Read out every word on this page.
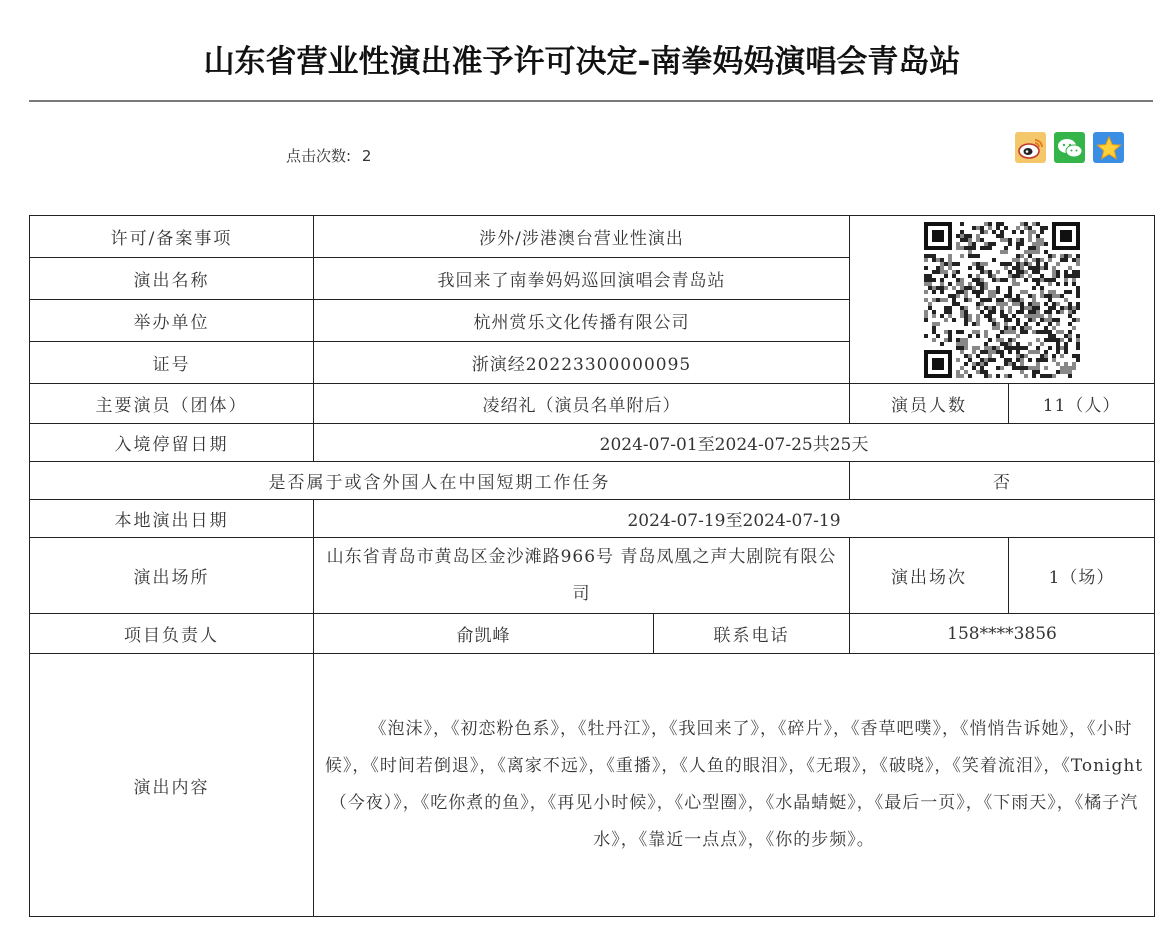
山东省营业性演出准予许可决定-南拳妈妈演唱会青岛站
点击次数: 2
许可/备案事项	涉外/涉港澳台营业性演出	

演出名称	我回来了南拳妈妈巡回演唱会青岛站			
举办单位	杭州赏乐文化传播有限公司			
证号	浙演经20223300000095			
主要演员（团体）	凌绍礼（演员名单附后）		演员人数	11（人）
入境停留日期	2024-07-01至2024-07-25共25天			
是否属于或含外国人在中国短期工作任务			否	
本地演出日期	2024-07-19至2024-07-19			
演出场所	山东省青岛市黄岛区金沙滩路966号 青岛凤凰之声大剧院有限公司		演出场次	1（场）
项目负责人	俞凯峰	联系电话	158****3856	
演出内容	《泡沫》，《初恋粉色系》，《牡丹江》，《我回来了》，《碎片》，《香草吧噗》，《悄悄告诉她》，《小时候》，《时间若倒退》，《离家不远》，《重播》，《人鱼的眼泪》，《无瑕》，《破晓》，《笑着流泪》，《Tonight（今夜）》，《吃你煮的鱼》，《再见小时候》，《心型圈》，《水晶蜻蜓》，《最后一页》，《下雨天》，《橘子汽水》，《靠近一点点》，《你的步频》。			
